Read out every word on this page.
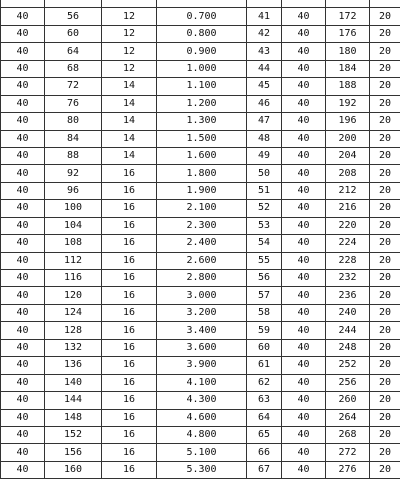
40	56	12	0.700	41	40	172	20
40	60	12	0.800	42	40	176	20
40	64	12	0.900	43	40	180	20
40	68	12	1.000	44	40	184	20
40	72	14	1.100	45	40	188	20
40	76	14	1.200	46	40	192	20
40	80	14	1.300	47	40	196	20
40	84	14	1.500	48	40	200	20
40	88	14	1.600	49	40	204	20
40	92	16	1.800	50	40	208	20
40	96	16	1.900	51	40	212	20
40	100	16	2.100	52	40	216	20
40	104	16	2.300	53	40	220	20
40	108	16	2.400	54	40	224	20
40	112	16	2.600	55	40	228	20
40	116	16	2.800	56	40	232	20
40	120	16	3.000	57	40	236	20
40	124	16	3.200	58	40	240	20
40	128	16	3.400	59	40	244	20
40	132	16	3.600	60	40	248	20
40	136	16	3.900	61	40	252	20
40	140	16	4.100	62	40	256	20
40	144	16	4.300	63	40	260	20
40	148	16	4.600	64	40	264	20
40	152	16	4.800	65	40	268	20
40	156	16	5.100	66	40	272	20
40	160	16	5.300	67	40	276	20
